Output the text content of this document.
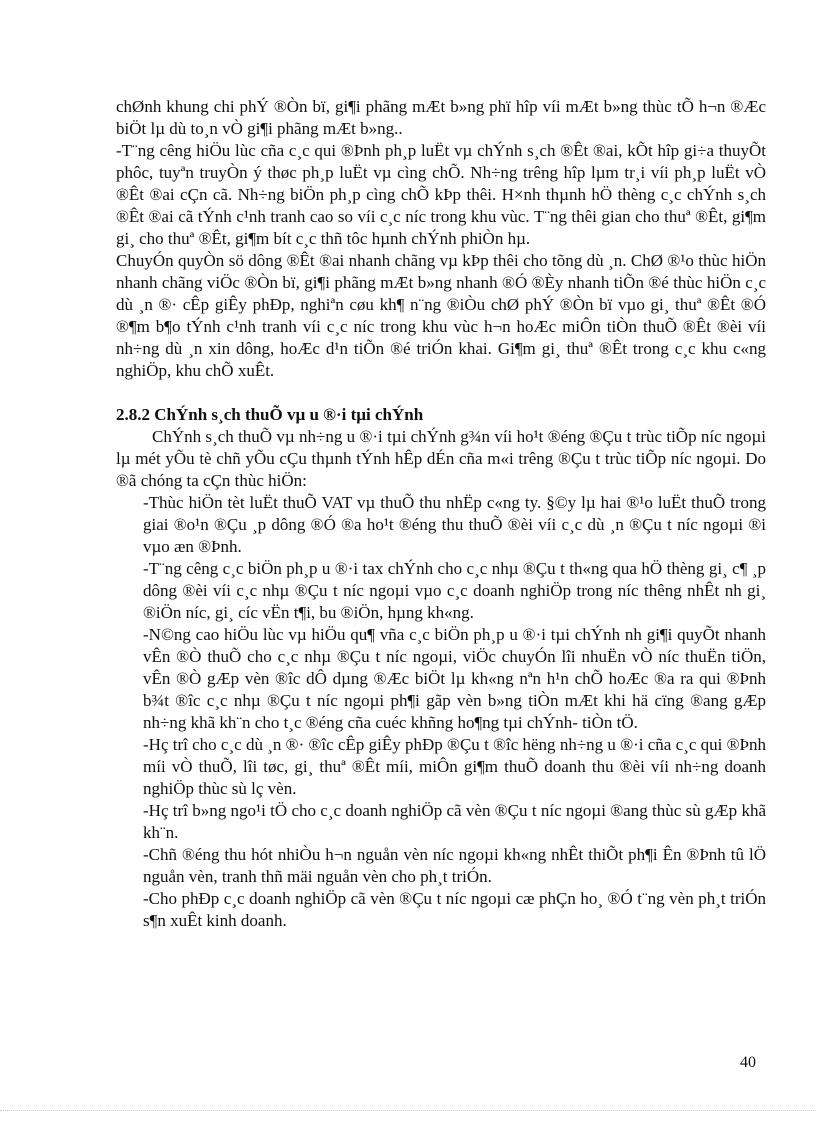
chØnh khung chi phÝ ®Òn bï, gi¶i phãng mÆt b»ng phï hîp víi mÆt b»ng thùc tÕ h¬n ®Æc biÖt lµ dù to¸n vÒ gi¶i phãng mÆt b»ng..

-T¨ng cêng hiÖu lùc cña c¸c qui ®Þnh ph¸p luËt vµ chÝnh s¸ch ®Êt ®ai, kÕt hîp gi÷a thuyÕt phôc, tuyªn truyÒn ý thøc ph¸p luËt vµ cìng chÕ. Nh÷ng trêng hîp lµm tr¸i víi ph¸p luËt vÒ ®Êt ®ai cÇn cã. Nh÷ng biÖn ph¸p cìng chÕ kÞp thêi. H×nh thµnh hÖ thèng c¸c chÝnh s¸ch ®Êt ®ai cã tÝnh c¹nh tranh cao so víi c¸c níc trong khu vùc. T¨ng thêi gian cho thuª ®Êt, gi¶m gi¸ cho thuª ®Êt, gi¶m bít c¸c thñ tôc hµnh chÝnh phiÒn hµ.

ChuyÓn quyÒn sö dông ®Êt ®ai nhanh chãng vµ kÞp thêi cho tõng dù ¸n. ChØ ®¹o thùc hiÖn nhanh chãng viÖc ®Òn bï, gi¶i phãng mÆt b»ng nhanh ®Ó ®Èy nhanh tiÕn ®é thùc hiÖn c¸c dù ¸n ®· cÊp giÊy phÐp, nghiªn cøu kh¶ n¨ng ®iÒu chØ phÝ ®Òn bï vµo gi¸ thuª ®Êt ®Ó ®¶m b¶o tÝnh c¹nh tranh víi c¸c níc trong khu vùc h¬n hoÆc miÔn tiÒn thuÕ ®Êt ®èi víi nh÷ng dù ¸n xin dông, hoÆc d¹n tiÕn ®é triÓn khai. Gi¶m gi¸ thuª ®Êt trong c¸c khu c«ng nghiÖp, khu chÕ xuÊt.

2.8.2 ChÝnh s¸ch thuÕ vµ u ®·i tµi chÝnh

ChÝnh s¸ch thuÕ vµ nh÷ng u ®·i tµi chÝnh g¾n víi ho¹t ®éng ®Çu t trùc tiÕp níc ngoµi lµ mét yÕu tè chñ yÕu cÇu thµnh tÝnh hÊp dÉn cña m«i trêng ®Çu t trùc tiÕp níc ngoµi. Do ®ã chóng ta cÇn thùc hiÖn:

-Thùc hiÖn tèt luËt thuÕ VAT vµ thuÕ thu nhËp c«ng ty. §©y lµ hai ®¹o luËt thuÕ trong giai ®o¹n ®Çu ¸p dông ®Ó ®a ho¹t ®éng thu thuÕ ®èi víi c¸c dù ¸n ®Çu t níc ngoµi ®i vµo æn ®Þnh.

-T¨ng cêng c¸c biÖn ph¸p u ®·i tax chÝnh cho c¸c nhµ ®Çu t th«ng qua hÖ thèng gi¸ c¶ ¸p dông ®èi víi c¸c nhµ ®Çu t níc ngoµi vµo c¸c doanh nghiÖp trong níc thêng nhÊt nh gi¸ ®iÖn níc, gi¸ cíc vËn t¶i, bu ®iÖn, hµng kh«ng.

-N©ng cao hiÖu lùc vµ hiÖu qu¶ vña c¸c biÖn ph¸p u ®·i tµi chÝnh nh gi¶i quyÕt nhanh vÊn ®Ò thuÕ cho c¸c nhµ ®Çu t níc ngoµi, viÖc chuyÓn lîi nhuËn vÒ níc thuËn tiÖn, vÊn ®Ò gÆp vèn ®îc dÔ dµng ®Æc biÖt lµ kh«ng nªn h¹n chÕ hoÆc ®a ra qui ®Þnh b¾t ®îc c¸c nhµ ®Çu t níc ngoµi ph¶i gãp vèn b»ng tiÒn mÆt khi hä cïng ®ang gÆp nh÷ng khã kh¨n cho t¸c ®éng cña cuéc khñng ho¶ng tµi chÝnh- tiÒn tÖ.

-Hç trî cho c¸c dù ¸n ®· ®îc cÊp giÊy phÐp ®Çu t ®îc hëng nh÷ng u ®·i cña c¸c qui ®Þnh míi vÒ thuÕ, lîi tøc, gi¸ thuª ®Êt míi, miÔn gi¶m thuÕ doanh thu ®èi víi nh÷ng doanh nghiÖp thùc sù lç vèn.

-Hç trî b»ng ngo¹i tÖ cho c¸c doanh nghiÖp cã vèn ®Çu t níc ngoµi ®ang thùc sù gÆp khã kh¨n.

-Chñ ®éng thu hót nhiÒu h¬n nguån vèn níc ngoµi kh«ng nhÊt thiÕt ph¶i Ên ®Þnh tû lÖ nguån vèn, tranh thñ mäi nguån vèn cho ph¸t triÓn.

-Cho phÐp c¸c doanh nghiÖp cã vèn ®Çu t níc ngoµi cæ phÇn ho¸ ®Ó t¨ng vèn ph¸t triÓn s¶n xuÊt kinh doanh.

40
